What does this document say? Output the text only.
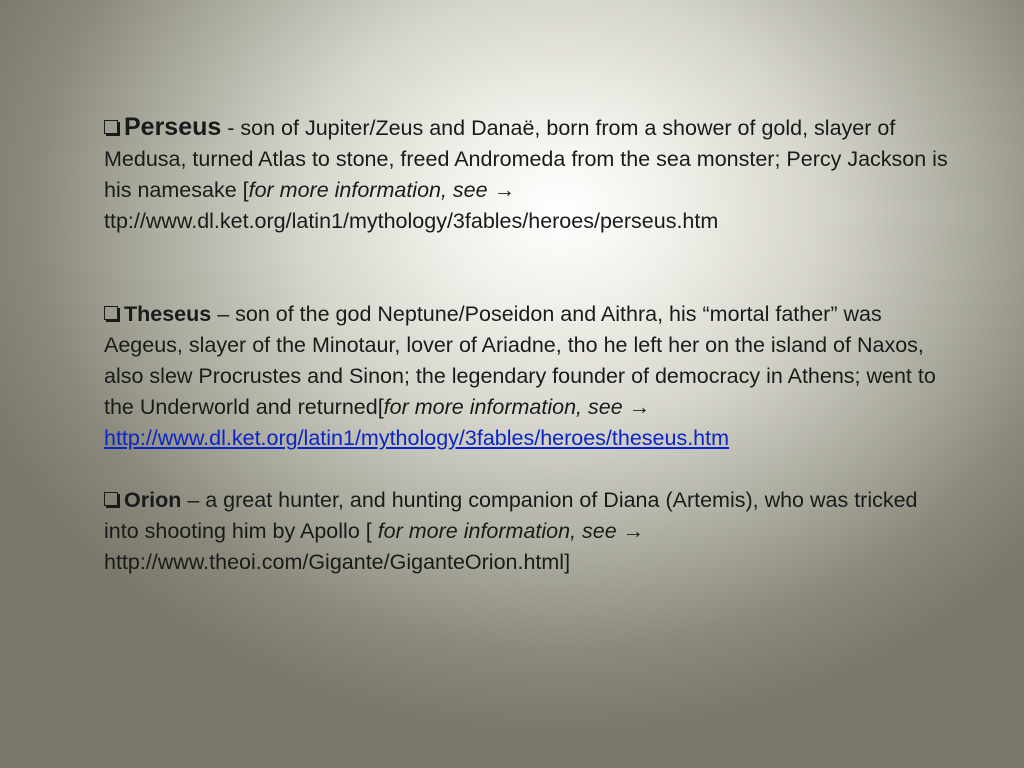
Perseus - son of Jupiter/Zeus and Danaë, born from a shower of gold, slayer of Medusa, turned Atlas to stone, freed Andromeda from the sea monster; Percy Jackson is his namesake [for more information, see →
ttp://www.dl.ket.org/latin1/mythology/3fables/heroes/perseus.htm

Theseus – son of the god Neptune/Poseidon and Aithra, his “mortal father” was Aegeus, slayer of the Minotaur, lover of Ariadne, tho he left her on the island of Naxos, also slew Procrustes and Sinon; the legendary founder of democracy in Athens; went to the Underworld and returned[for more information, see →
http://www.dl.ket.org/latin1/mythology/3fables/heroes/theseus.htm

Orion – a great hunter, and hunting companion of Diana (Artemis), who was tricked into shooting him by Apollo [ for more information, see →
http://www.theoi.com/Gigante/GiganteOrion.html]
